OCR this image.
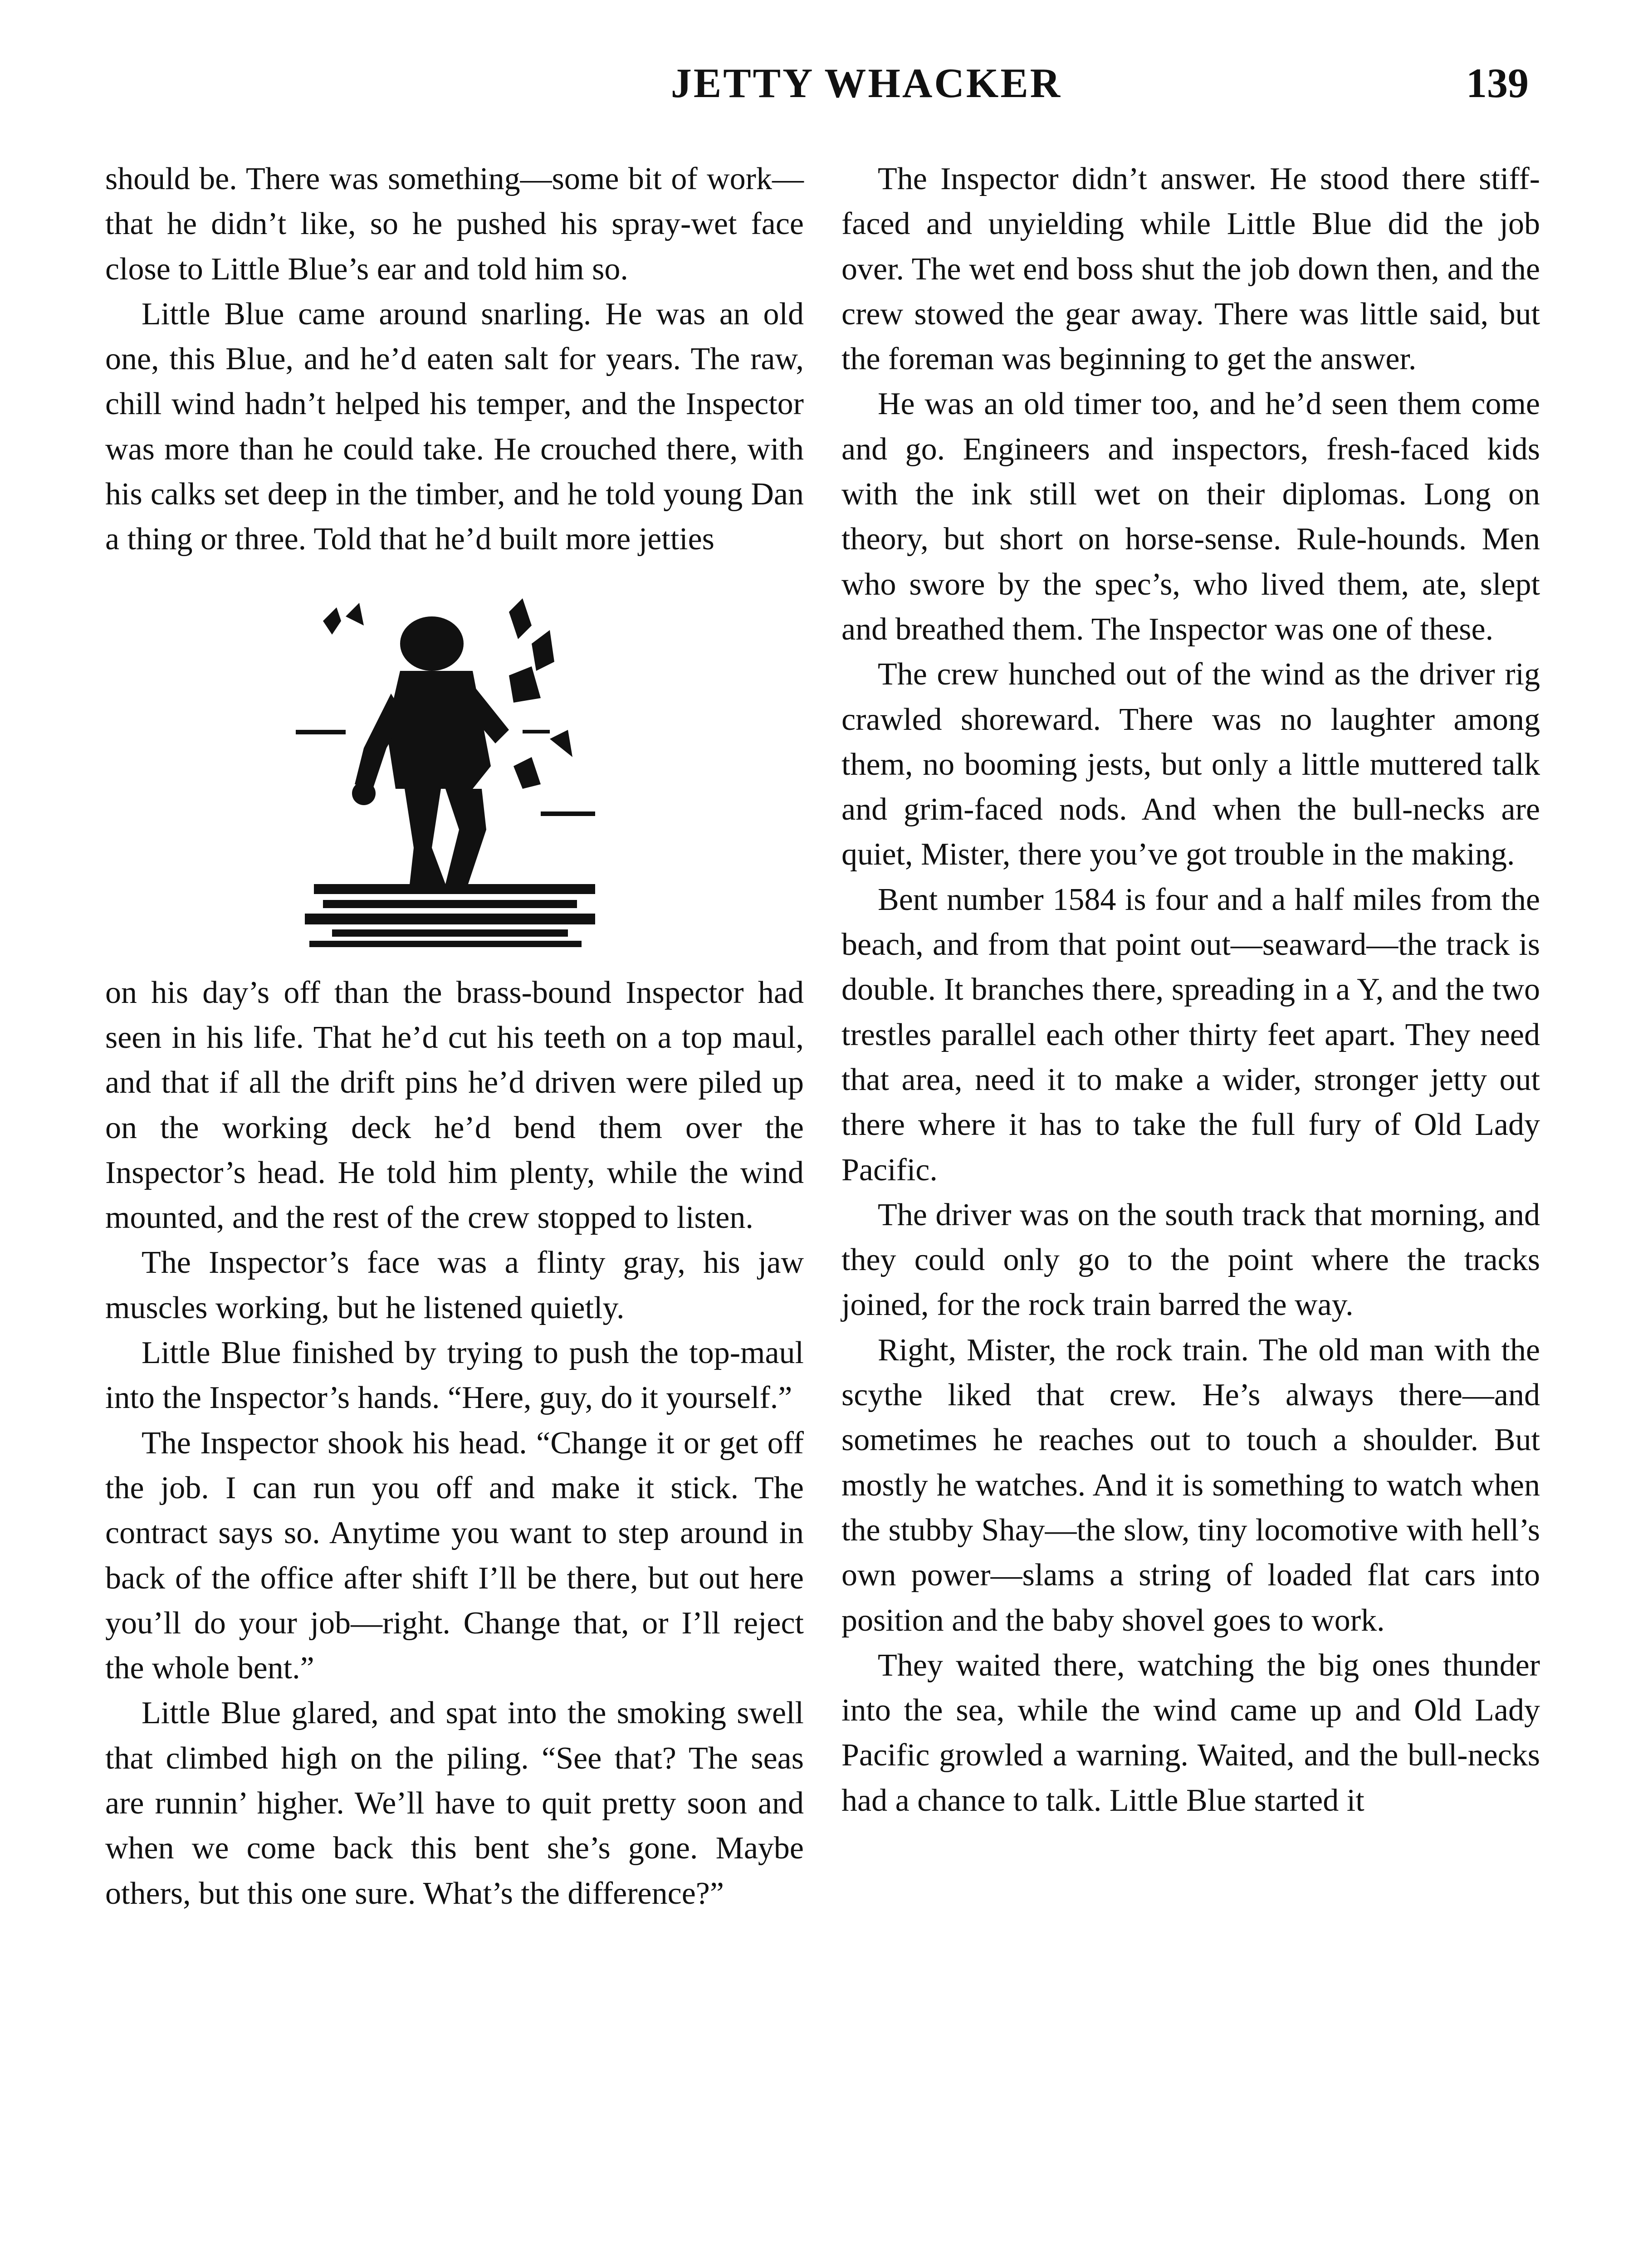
JETTY WHACKER	139

should be. There was something—some bit of work—that he didn’t like, so he pushed his spray-wet face close to Little Blue’s ear and told him so.

Little Blue came around snarling. He was an old one, this Blue, and he’d eaten salt for years. The raw, chill wind hadn’t helped his temper, and the Inspector was more than he could take. He crouched there, with his calks set deep in the timber, and he told young Dan a thing or three. Told that he’d built more jetties

on his day’s off than the brass-bound Inspector had seen in his life. That he’d cut his teeth on a top maul, and that if all the drift pins he’d driven were piled up on the working deck he’d bend them over the Inspector’s head. He told him plenty, while the wind mounted, and the rest of the crew stopped to listen.

The Inspector’s face was a flinty gray, his jaw muscles working, but he listened quietly.

Little Blue finished by trying to push the top-maul into the Inspector’s hands. “Here, guy, do it yourself.”

The Inspector shook his head. “Change it or get off the job. I can run you off and make it stick. The contract says so. Anytime you want to step around in back of the office after shift I’ll be there, but out here you’ll do your job—right. Change that, or I’ll reject the whole bent.”

Little Blue glared, and spat into the smoking swell that climbed high on the piling. “See that? The seas are runnin’ higher. We’ll have to quit pretty soon and when we come back this bent she’s gone. Maybe others, but this one sure. What’s the difference?”

The Inspector didn’t answer. He stood there stiff-faced and unyielding while Little Blue did the job over. The wet end boss shut the job down then, and the crew stowed the gear away. There was little said, but the foreman was beginning to get the answer.

He was an old timer too, and he’d seen them come and go. Engineers and inspectors, fresh-faced kids with the ink still wet on their diplomas. Long on theory, but short on horse-sense. Rule-hounds. Men who swore by the spec’s, who lived them, ate, slept and breathed them. The Inspector was one of these.

The crew hunched out of the wind as the driver rig crawled shoreward. There was no laughter among them, no booming jests, but only a little muttered talk and grim-faced nods. And when the bull-necks are quiet, Mister, there you’ve got trouble in the making.

Bent number 1584 is four and a half miles from the beach, and from that point out—seaward—the track is double. It branches there, spreading in a Y, and the two trestles parallel each other thirty feet apart. They need that area, need it to make a wider, stronger jetty out there where it has to take the full fury of Old Lady Pacific.

The driver was on the south track that morning, and they could only go to the point where the tracks joined, for the rock train barred the way.

Right, Mister, the rock train. The old man with the scythe liked that crew. He’s always there—and sometimes he reaches out to touch a shoulder. But mostly he watches. And it is something to watch when the stubby Shay—the slow, tiny locomotive with hell’s own power—slams a string of loaded flat cars into position and the baby shovel goes to work.

They waited there, watching the big ones thunder into the sea, while the wind came up and Old Lady Pacific growled a warning. Waited, and the bull-necks had a chance to talk. Little Blue started it
